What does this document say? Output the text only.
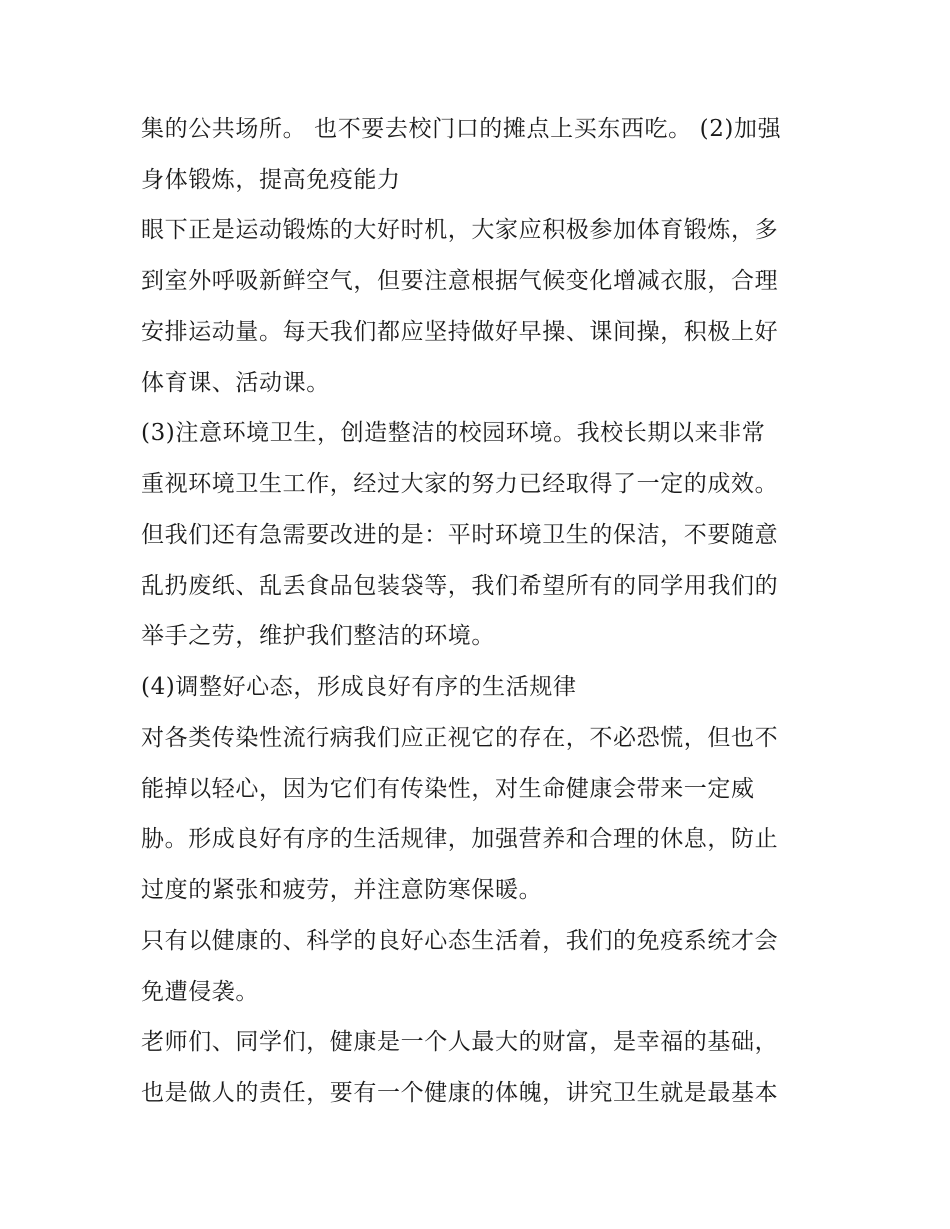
集的公共场所。 也不要去校门口的摊点上买东西吃。 (2)加强

身体锻炼，提高免疫能力

眼下正是运动锻炼的大好时机，大家应积极参加体育锻炼，多

到室外呼吸新鲜空气，但要注意根据气候变化增减衣服，合理

安排运动量。每天我们都应坚持做好早操、课间操，积极上好

体育课、活动课。

(3)注意环境卫生，创造整洁的校园环境。我校长期以来非常

重视环境卫生工作，经过大家的努力已经取得了一定的成效。

但我们还有急需要改进的是：平时环境卫生的保洁，不要随意

乱扔废纸、乱丢食品包装袋等，我们希望所有的同学用我们的

举手之劳，维护我们整洁的环境。

(4)调整好心态，形成良好有序的生活规律

对各类传染性流行病我们应正视它的存在，不必恐慌，但也不

能掉以轻心，因为它们有传染性，对生命健康会带来一定威

胁。形成良好有序的生活规律，加强营养和合理的休息，防止

过度的紧张和疲劳，并注意防寒保暖。

只有以健康的、科学的良好心态生活着，我们的免疫系统才会

免遭侵袭。

老师们、同学们，健康是一个人最大的财富，是幸福的基础，

也是做人的责任，要有一个健康的体魄，讲究卫生就是最基本
